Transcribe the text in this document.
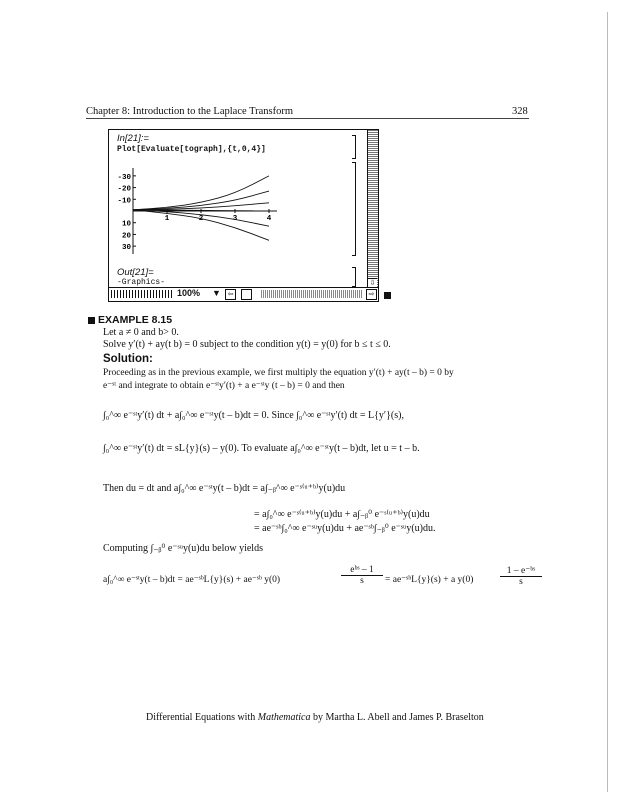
Chapter 8: Introduction to the Laplace Transform	328
In[21]:=
Plot[Evaluate[tograph],{t,0,4}]
30
20
10
-10
-20
-30
1	2	3	4
Out[21]=
-Graphics-	⇩
100% ▼ ⇦	⇨
EXAMPLE 8.15
Let a ≠ 0 and b> 0.
Solve y′(t) + ay(t b) = 0 subject to the condition y(t) = y(0) for b ≤ t ≤ 0.
Solution:
Proceeding as in the previous example, we first multiply the equation y′(t) + ay(t – b) = 0 by
e⁻ˢᵗ and integrate to obtain e⁻ˢᵗy′(t) + a e⁻ˢᵗy (t – b) = 0 and then
∫₀^∞ e⁻ˢᵗy′(t) dt + a∫₀^∞ e⁻ˢᵗy(t – b)dt = 0. Since ∫₀^∞ e⁻ˢᵗy′(t) dt = L{y′}(s),
∫₀^∞ e⁻ˢᵗy′(t) dt = sL{y}(s) – y(0). To evaluate a∫₀^∞ e⁻ˢᵗy(t – b)dt, let u = t – b.
Then du = dt and a∫₀^∞ e⁻ˢᵗy(t – b)dt = a∫₋ᵦ^∞ e⁻ˢ⁽ᵘ⁺ᵇ⁾y(u)du
= a∫₀^∞ e⁻ˢ⁽ᵘ⁺ᵇ⁾y(u)du + a∫₋ᵦ⁰ e⁻ˢ⁽ᵘ⁺ᵇ⁾y(u)du
= ae⁻ˢᵇ∫₀^∞ e⁻ˢᵘy(u)du + ae⁻ˢᵇ∫₋ᵦ⁰ e⁻ˢᵘy(u)du.
Computing ∫₋ᵦ⁰ e⁻ˢᵘy(u)du below yields
a∫₀^∞ e⁻ˢᵗy(t – b)dt = ae⁻ˢᵇL{y}(s) + ae⁻ˢᵇ y(0)
eᵇˢ – 1
s	= ae⁻ˢᵇL{y}(s) + a y(0)	$\frac{\text{1 – e⁻ᵇˢ}}{s}$
Differential Equations with Mathematica by Martha L. Abell and James P. Braselton
